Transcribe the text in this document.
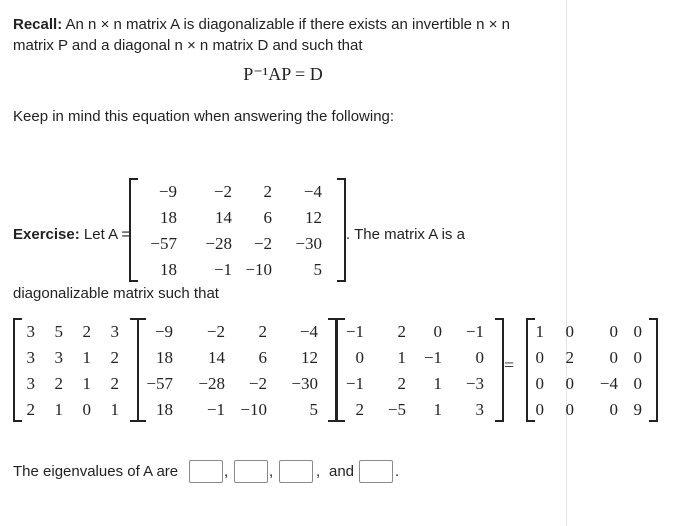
Recall: An n × n matrix A is diagonalizable if there exists an invertible n × n
matrix P and a diagonal n × n matrix D and such that
P⁻¹AP = D
Keep in mind this equation when answering the following:
Exercise: Let A =
−9 −2 2 −4
18 14 6 12
−57 −28 −2 −30
18 −1 −10 5
. The matrix A is a
diagonalizable matrix such that
3 5 2 3
3 3 1 2
3 2 1 2
2 1 0 1
−9 −2 2 −4
18 14 6 12
−57 −28 −2 −30
18 −1 −10	5
−1 2 0 −1
0 1 −1 0
−1 2 1 −3
2 −5 1 3
=
1 0 0 0
0 2 0 0
0 0 −4 0
0 0 0 9
The eigenvalues of A are	,	,	, and	.
